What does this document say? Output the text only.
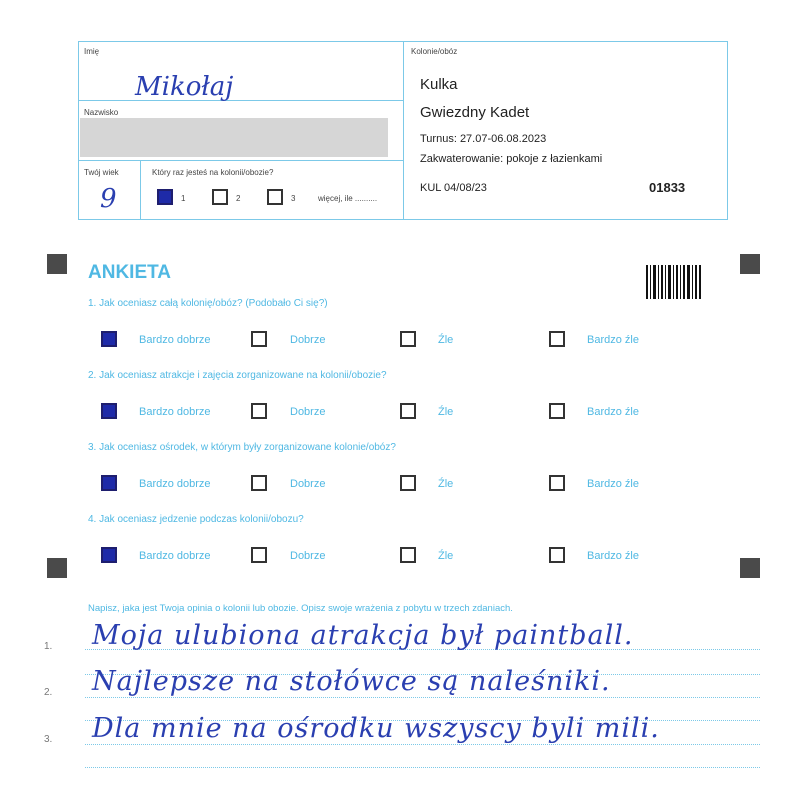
Imię
Mikołaj
Nazwisko
Twój wiek
9
Który raz jesteś na kolonii/obozie?
1	2	3	więcej, ile ..........
Kolonie/obóz
Kulka
Gwiezdny Kadet
Turnus: 27.07-06.08.2023
Zakwaterowanie: pokoje z łazienkami
KUL 04/08/23	01833
ANKIETA
1. Jak oceniasz całą kolonię/obóz? (Podobało Ci się?)
Bardzo dobrze	Dobrze	Źle	Bardzo źle
2. Jak oceniasz atrakcje i zajęcia zorganizowane na kolonii/obozie?
Bardzo dobrze	Dobrze	Źle	Bardzo źle
3. Jak oceniasz ośrodek, w którym były zorganizowane kolonie/obóz?
Bardzo dobrze	Dobrze	Źle	Bardzo źle
4. Jak oceniasz jedzenie podczas kolonii/obozu?
Bardzo dobrze	Dobrze	Źle	Bardzo źle
Napisz, jaka jest Twoja opinia o kolonii lub obozie. Opisz swoje wrażenia z pobytu w trzech zdaniach.
1.
2.
3.
Moja ulubiona atrakcja był paintball.
Najlepsze na stołówce są naleśniki.
Dla mnie na ośrodku wszyscy byli mili.
